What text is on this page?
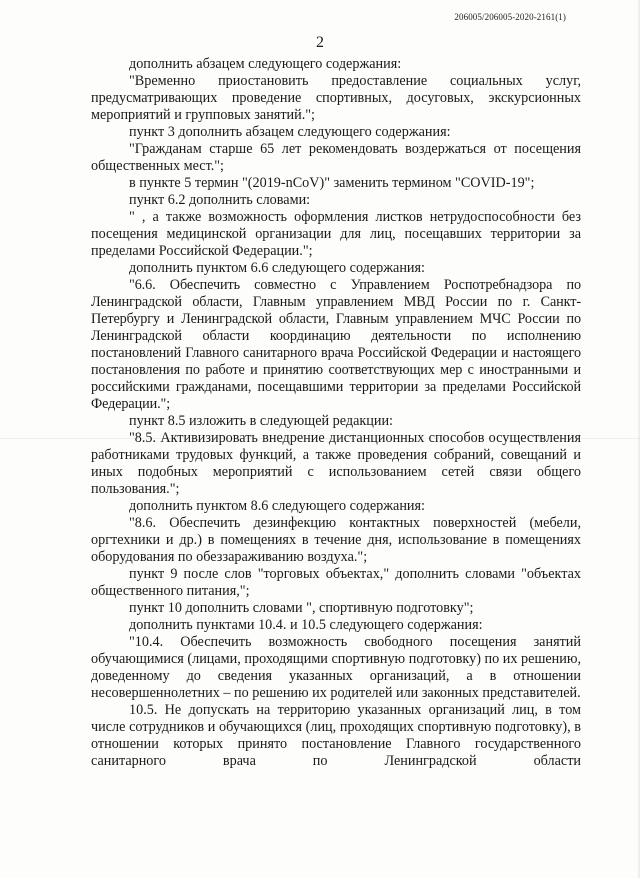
206005/206005-2020-2161(1)
2

дополнить абзацем следующего содержания:

"Временно приостановить предоставление социальных услуг, предусматривающих проведение спортивных, досуговых, экскурсионных мероприятий и групповых занятий.";

пункт 3 дополнить абзацем следующего содержания:

"Гражданам старше 65 лет рекомендовать воздержаться от посещения общественных мест.";

в пункте 5 термин "(2019-nCoV)" заменить термином "COVID-19";

пункт 6.2 дополнить словами:

" , а также возможность оформления листков нетрудоспособности без посещения медицинской организации для лиц, посещавших территории за пределами Российской Федерации.";

дополнить пунктом 6.6 следующего содержания:

"6.6. Обеспечить совместно с Управлением Роспотребнадзора по Ленинградской области, Главным управлением МВД России по г. Санкт-Петербургу и Ленинградской области, Главным управлением МЧС России по Ленинградской области координацию деятельности по исполнению постановлений Главного санитарного врача Российской Федерации и настоящего постановления по работе и принятию соответствующих мер с иностранными и российскими гражданами, посещавшими территории за пределами Российской Федерации.";

пункт 8.5 изложить в следующей редакции:

"8.5. Активизировать внедрение дистанционных способов осуществления работниками трудовых функций, а также проведения собраний, совещаний и иных подобных мероприятий с использованием сетей связи общего пользования.";

дополнить пунктом 8.6 следующего содержания:

"8.6. Обеспечить дезинфекцию контактных поверхностей (мебели, оргтехники и др.) в помещениях в течение дня, использование в помещениях оборудования по обеззараживанию воздуха.";

пункт 9 после слов "торговых объектах," дополнить словами "объектах общественного питания,";

пункт 10 дополнить словами ", спортивную подготовку";

дополнить пунктами 10.4. и 10.5 следующего содержания:

"10.4. Обеспечить возможность свободного посещения занятий обучающимися (лицами, проходящими спортивную подготовку) по их решению, доведенному до сведения указанных организаций, а в отношении несовершеннолетних – по решению их родителей или законных представителей.

10.5. Не допускать на территорию указанных организаций лиц, в том числе сотрудников и обучающихся (лиц, проходящих спортивную подготовку), в отношении которых принято постановление Главного государственного санитарного врача по Ленинградской области
